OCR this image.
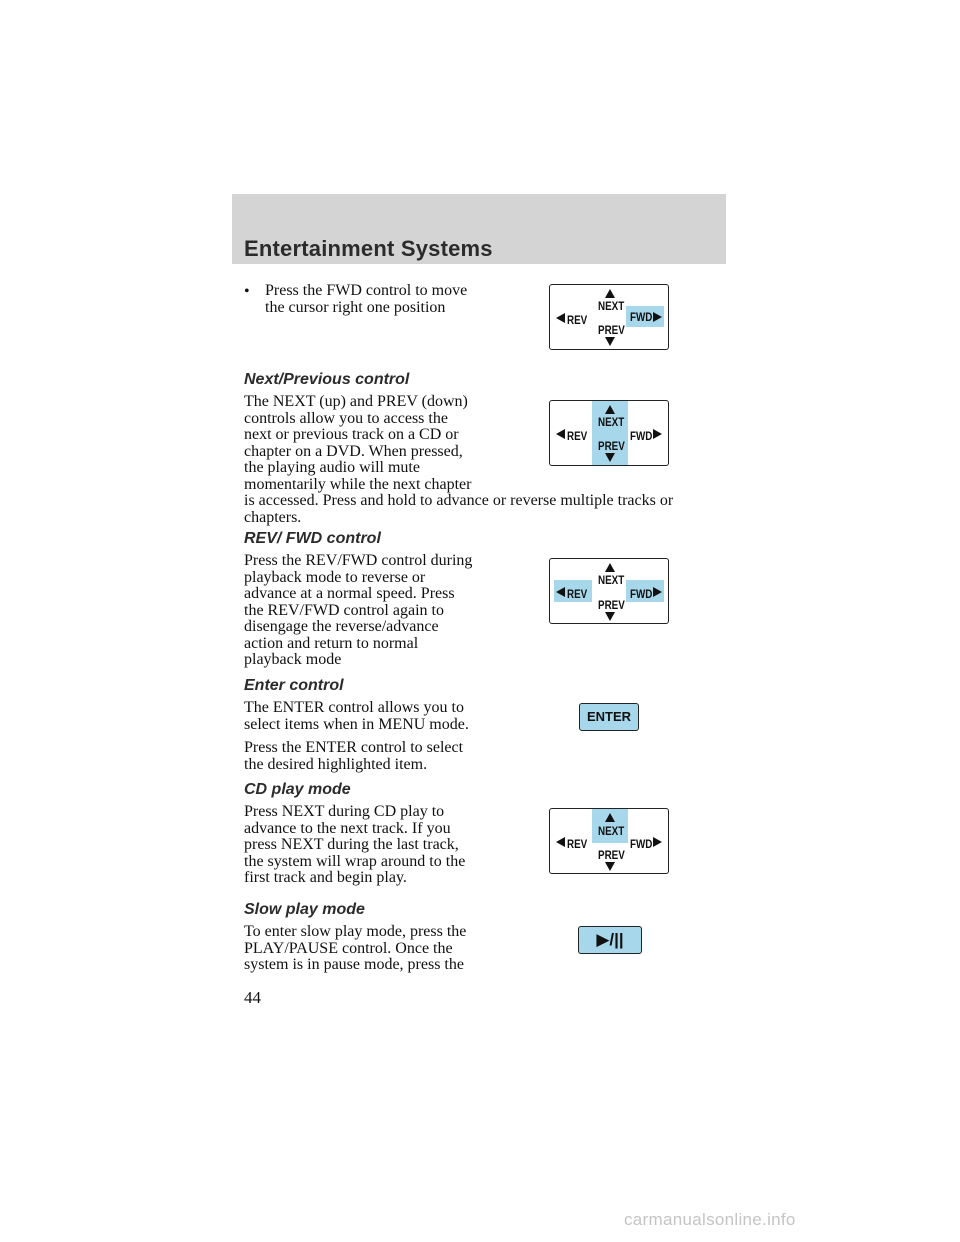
Entertainment Systems
• Press the FWD control to move
the cursor right one position	NEXT
REV	FWD
PREV
Next/Previous control

The NEXT (up) and PREV (down)
controls allow you to access the
next or previous track on a CD or
chapter on a DVD. When pressed,
the playing audio will mute
momentarily while the next chapter
is accessed. Press and hold to advance or reverse multiple tracks or
chapters.

NEXT
REV	FWD
PREV
REV/ FWD control

Press the REV/FWD control during
playback mode to reverse or
advance at a normal speed. Press
the REV/FWD control again to
disengage the reverse/advance
action and return to normal
playback mode

NEXT
REV	FWD
PREV
Enter control

The ENTER control allows you to
select items when in MENU mode.

Press the ENTER control to select
the desired highlighted item.

ENTER
CD play mode

Press NEXT during CD play to
advance to the next track. If you
press NEXT during the last track,
the system will wrap around to the
first track and begin play.

NEXT
REV	FWD
PREV
Slow play mode

To enter slow play mode, press the
PLAY/PAUSE control. Once the
system is in pause mode, press the

▶/||
44
carmanualsonline.info
